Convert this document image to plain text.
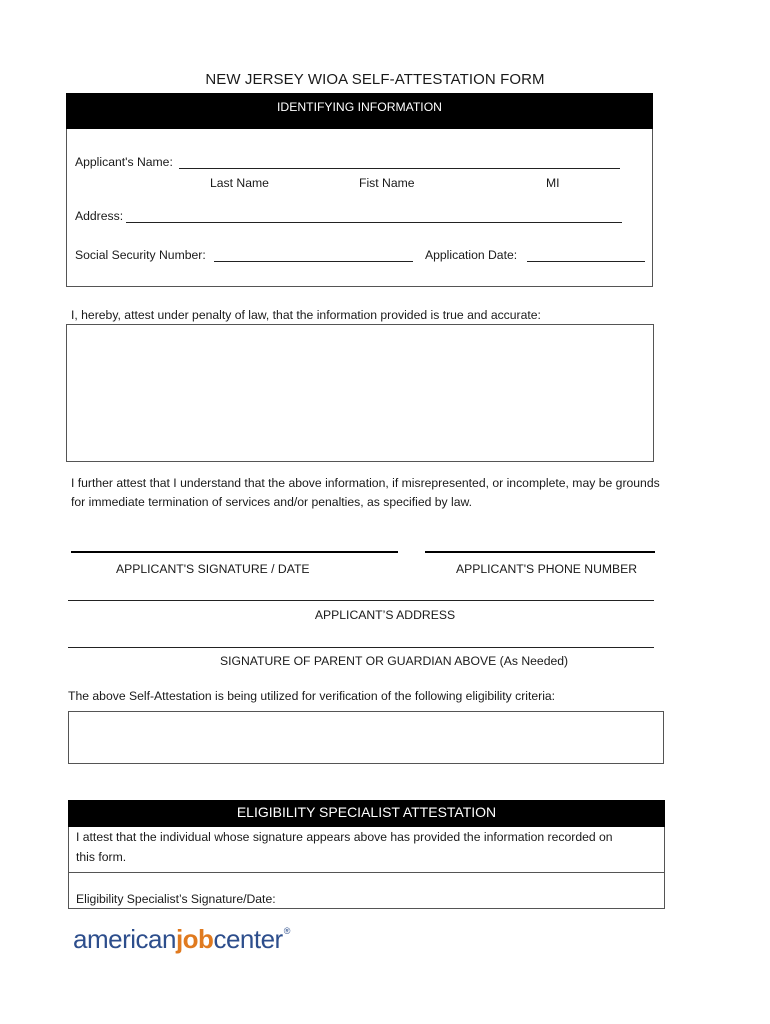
NEW JERSEY WIOA SELF-ATTESTATION FORM
IDENTIFYING INFORMATION
Applicant's Name:
Last Name	Fist Name	MI
Address:
Social Security Number:	Application Date:
I, hereby, attest under penalty of law, that the information provided is true and accurate:
I further attest that I understand that the above information, if misrepresented, or incomplete, may be grounds
for immediate termination of services and/or penalties, as specified by law.
APPLICANT'S SIGNATURE / DATE	APPLICANT'S PHONE NUMBER
APPLICANT’S ADDRESS
SIGNATURE OF PARENT OR GUARDIAN ABOVE (As Needed)
The above Self-Attestation is being utilized for verification of the following eligibility criteria:
ELIGIBILITY SPECIALIST ATTESTATION
I attest that the individual whose signature appears above has provided the information recorded on
this form.
Eligibility Specialist’s Signature/Date:
americanjobcenter®
